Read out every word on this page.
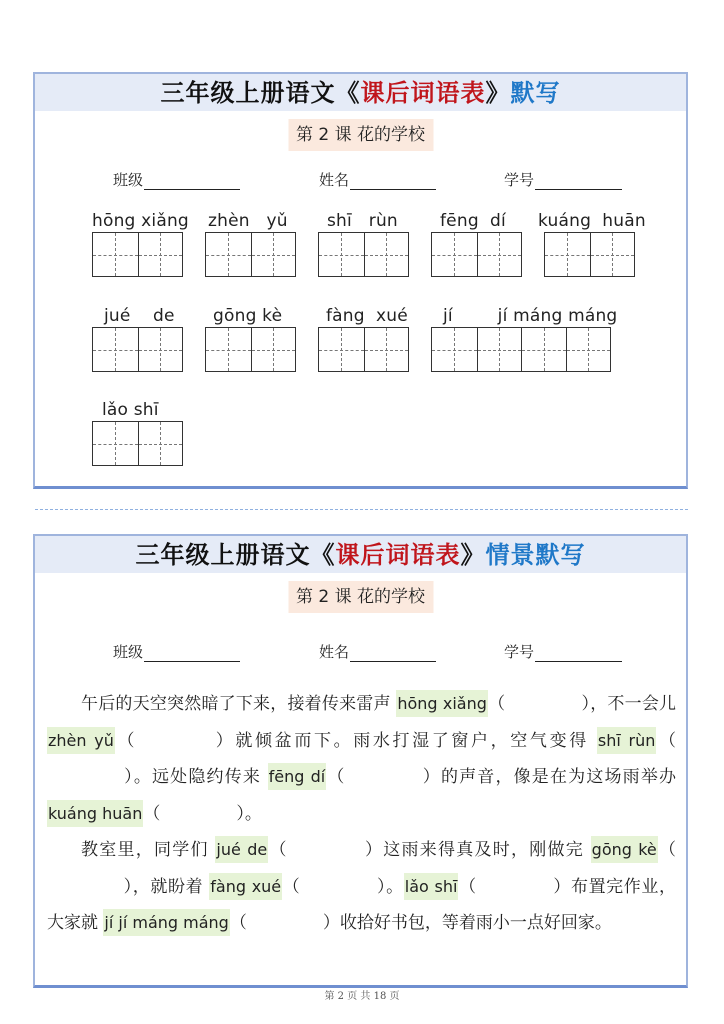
三年级上册语文《课后词语表》默写
第 2 课 花的学校
班级	姓名	学号
hōng xiǎng zhèn   yǔ shī   rùn fēng  dí kuáng  huān
jué    de gōng kè	fàng  xué jí        jí máng máng
lǎo shī
三年级上册语文《课后词语表》情景默写
第 2 课 花的学校
班级	姓名	学号

午后的天空突然暗了下来，接着传来雷声 hōng xiǎng（	），不一会儿 zhèn yǔ（	）就倾盆而下。雨水打湿了窗户，空气变得 shī rùn（）。远处隐约传来 fēng dí（	）的声音，像是在为这场雨举办 kuáng huān（	）。

教室里，同学们 jué de（	）这雨来得真及时，刚做完 gōng kè（），就盼着 fàng xué（	）。lǎo shī（	）布置完作业，大家就 jí jí máng máng（	）收拾好书包，等着雨小一点好回家。

第 2 页 共 18 页
